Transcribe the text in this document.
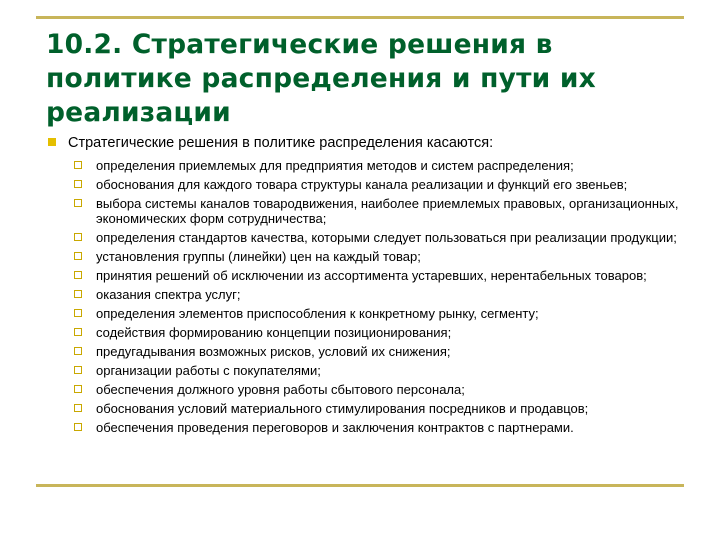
10.2. Стратегические решения в политике распределения и пути их реализации
Стратегические решения в политике распределения касаются:
определения приемлемых для предприятия методов и систем распределения;
обоснования для каждого товара структуры канала реализации и функций его звеньев;
выбора системы каналов товародвижения, наиболее приемлемых правовых, организационных, экономических форм сотрудничества;
определения стандартов качества, которыми следует пользоваться при реализации продукции;
установления группы (линейки) цен на каждый товар;
принятия решений об исключении из ассортимента устаревших, нерентабельных товаров;
оказания спектра услуг;
определения элементов приспособления к конкретному рынку, сегменту;
содействия формированию концепции позиционирования;
предугадывания возможных рисков, условий их снижения;
организации работы с покупателями;
обеспечения должного уровня работы сбытового персонала;
обоснования условий материального стимулирования посредников и продавцов;
обеспечения проведения переговоров и заключения контрактов с партнерами.
